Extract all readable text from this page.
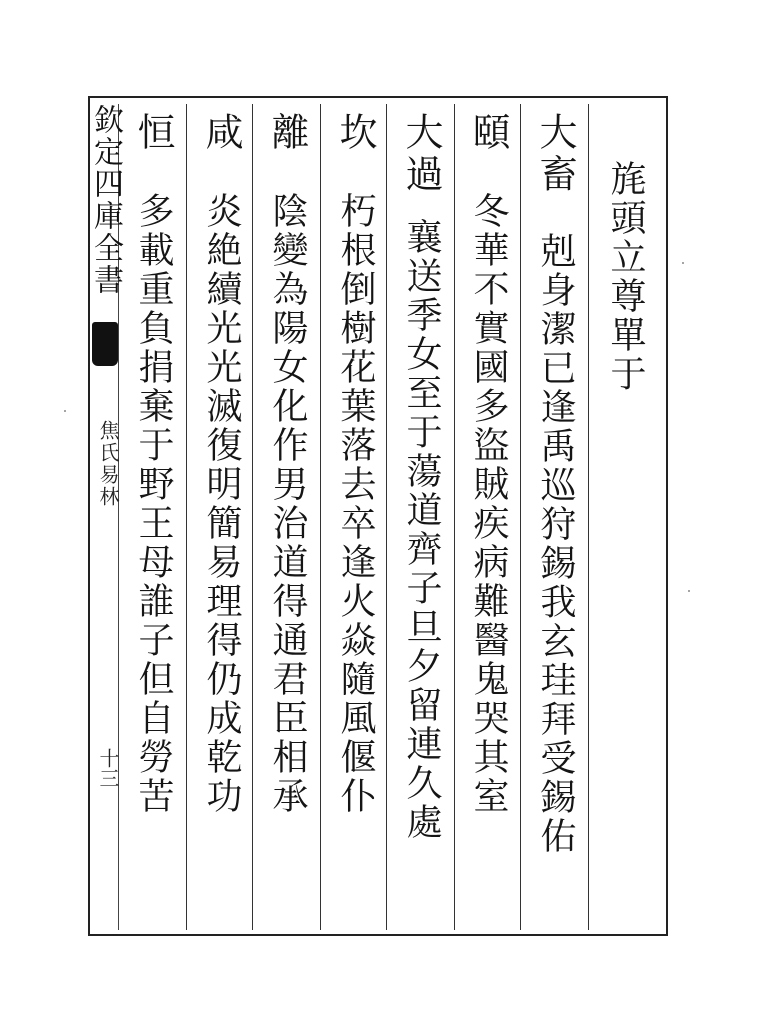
欽定四庫全書
焦氏易林
十三
旄頭立尊單于
大畜
剋身潔已逢禹巡狩錫我玄珪拜受錫佑
頤
冬華不實國多盜賊疾病難醫鬼哭其室
大過
襄送季女至于蕩道齊子旦夕留連久處
坎
朽根倒樹花葉落去卒逢火焱隨風偃仆
離
陰變為陽女化作男治道得通君臣相承
咸
炎絶續光光滅復明簡易理得仍成乾功
恒
多載重負捐棄于野王母誰子但自勞苦
